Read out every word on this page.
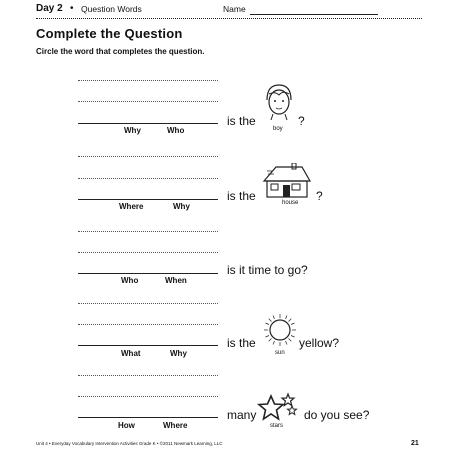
Day 2 • Question Words	Name
Complete the Question
Circle the word that completes the question.
Why	Who
is the
boy
?
Where	Why
is the	house ?
Who	When
is it time to go?
What	Why
is the
sun
yellow?
How	Where
many
stars
do you see?
Unit 4 • Everyday Vocabulary Intervention Activities Grade K • ©2011 Newmark Learning, LLC	21
